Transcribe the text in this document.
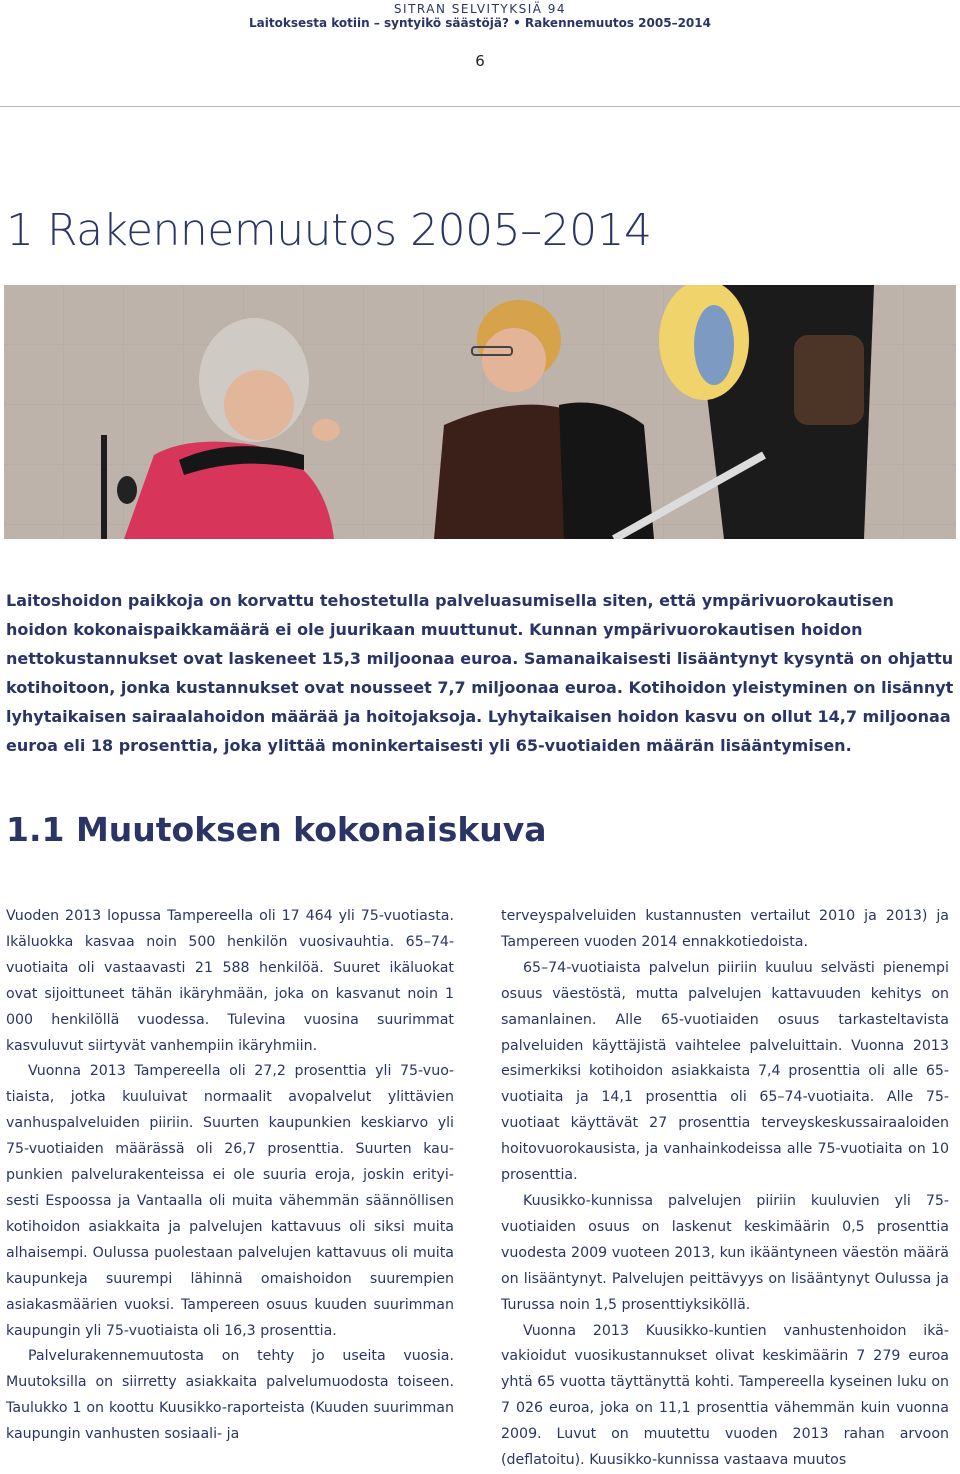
SITRAN SELVITYKSIÄ 94
Laitoksesta kotiin – syntyikö säästöjä? • Rakennemuutos 2005–2014
6
1 Rakennemuutos 2005–2014

Laitoshoidon paikkoja on korvattu tehostetulla palveluasumisella siten, että ympärivuorokautisen hoidon kokonaispaikkamäärä ei ole juurikaan muuttunut. Kunnan ympärivuorokautisen hoidon nettokustannukset ovat laskeneet 15,3 miljoonaa euroa. Samanaikaisesti lisääntynyt kysyntä on ohjattu kotihoitoon, jonka kustannukset ovat nousseet 7,7 miljoonaa euroa. Kotihoidon yleistyminen on lisännyt lyhytaikaisen sairaalahoidon määrää ja hoitojaksoja. Lyhytaikaisen hoidon kasvu on ollut 14,7 miljoonaa euroa eli 18 prosenttia, joka ylittää moninkertaisesti yli 65-vuotiaiden määrän lisääntymisen.

1.1 Muutoksen kokonaiskuva

Vuoden 2013 lopussa Tampereella oli 17 464 yli 75-vuotiasta. Ikäluokka kasvaa noin 500 henkilön vuosivauhtia. 65–74-vuotiaita oli vastaavasti 21 588 henkilöä. Suuret ikäluokat ovat sijoittuneet tähän ikäryhmään, joka on kasvanut noin 1 000 henkilöllä vuodessa. Tulevina vuosina suurimmat kasvuluvut siirtyvät vanhempiin ikäryhmiin.

Vuonna 2013 Tampereella oli 27,2 prosenttia yli 75-vuotiaista, jotka kuuluivat normaalit avopalvelut ylittävien vanhuspalveluiden piiriin. Suurten kaupunkien keskiarvo yli 75-vuotiaiden määrässä oli 26,7 prosenttia. Suurten kaupunkien palvelurakenteissa ei ole suuria eroja, joskin erityisesti Espoossa ja Vantaalla oli muita vähemmän säännöllisen kotihoidon asiakkaita ja palvelujen kattavuus oli siksi muita alhaisempi. Oulussa puolestaan palvelujen kattavuus oli muita kaupunkeja suurempi lähinnä omaishoidon suurempien asiakasmäärien vuoksi. Tampereen osuus kuuden suurimman kaupungin yli 75-vuotiaista oli 16,3 prosenttia.

Palvelurakennemuutosta on tehty jo useita vuosia. Muutoksilla on siirretty asiakkaita palvelumuodosta toiseen. Taulukko 1 on koottu Kuusikko-raporteista (Kuuden suurimman kaupungin vanhusten sosiaali- ja

terveyspalveluiden kustannusten vertailut 2010 ja 2013) ja Tampereen vuoden 2014 ennakkotiedoista.

65–74-vuotiaista palvelun piiriin kuuluu selvästi pienempi osuus väestöstä, mutta palvelujen kattavuuden kehitys on samanlainen. Alle 65-vuotiaiden osuus tarkasteltavista palveluiden käyttäjistä vaihtelee palveluittain. Vuonna 2013 esimerkiksi kotihoidon asiakkaista 7,4 prosenttia oli alle 65-vuotiaita ja 14,1 prosenttia oli 65–74-vuotiaita. Alle 75-vuotiaat käyttävät 27 prosenttia terveyskeskussairaaloiden hoitovuorokausista, ja vanhainkodeissa alle 75-vuotiaita on 10 prosenttia.

Kuusikko-kunnissa palvelujen piiriin kuuluvien yli 75-vuotiaiden osuus on laskenut keskimäärin 0,5 prosenttia vuodesta 2009 vuoteen 2013, kun ikääntyneen väestön määrä on lisääntynyt. Palvelujen peittävyys on lisääntynyt Oulussa ja Turussa noin 1,5 prosenttiyksiköllä.

Vuonna 2013 Kuusikko-kuntien vanhustenhoidon ikävakioidut vuosikustannukset olivat keskimäärin 7 279 euroa yhtä 65 vuotta täyttänyttä kohti. Tampereella kyseinen luku on 7 026 euroa, joka on 11,1 prosenttia vähemmän kuin vuonna 2009. Luvut on muutettu vuoden 2013 rahan arvoon (deflatoitu). Kuusikko-kunnissa vastaava muutos
